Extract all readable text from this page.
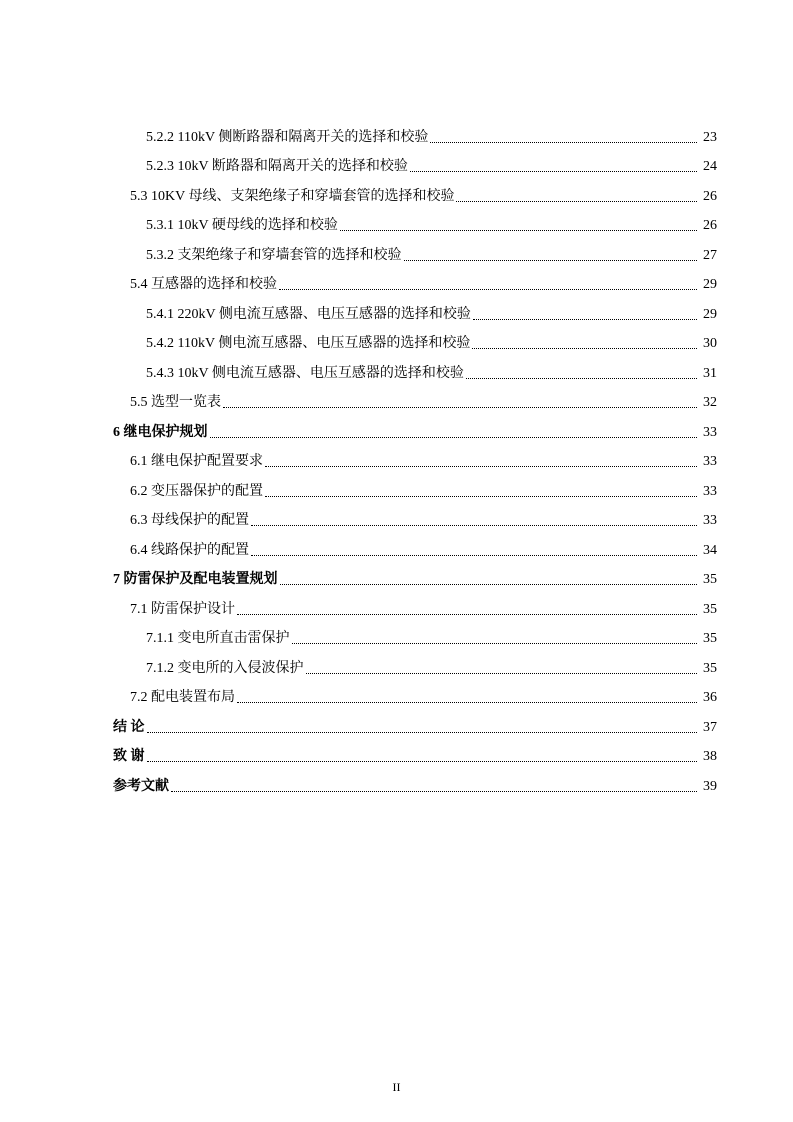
5.2.2 110kV 侧断路器和隔离开关的选择和校验	23
5.2.3 10kV 断路器和隔离开关的选择和校验	24
5.3 10KV 母线、支架绝缘子和穿墙套管的选择和校验	26
5.3.1 10kV 硬母线的选择和校验	26
5.3.2 支架绝缘子和穿墙套管的选择和校验	27
5.4 互感器的选择和校验	29
5.4.1 220kV 侧电流互感器、电压互感器的选择和校验	29
5.4.2 110kV 侧电流互感器、电压互感器的选择和校验	30
5.4.3 10kV 侧电流互感器、电压互感器的选择和校验	31
5.5 选型一览表	32
6 继电保护规划	33
6.1 继电保护配置要求	33
6.2 变压器保护的配置	33
6.3 母线保护的配置	33
6.4 线路保护的配置	34
7 防雷保护及配电装置规划	35
7.1 防雷保护设计	35
7.1.1 变电所直击雷保护	35
7.1.2 变电所的入侵波保护	35
7.2 配电装置布局	36
结 论	37
致 谢	38
参考文献	39
II
